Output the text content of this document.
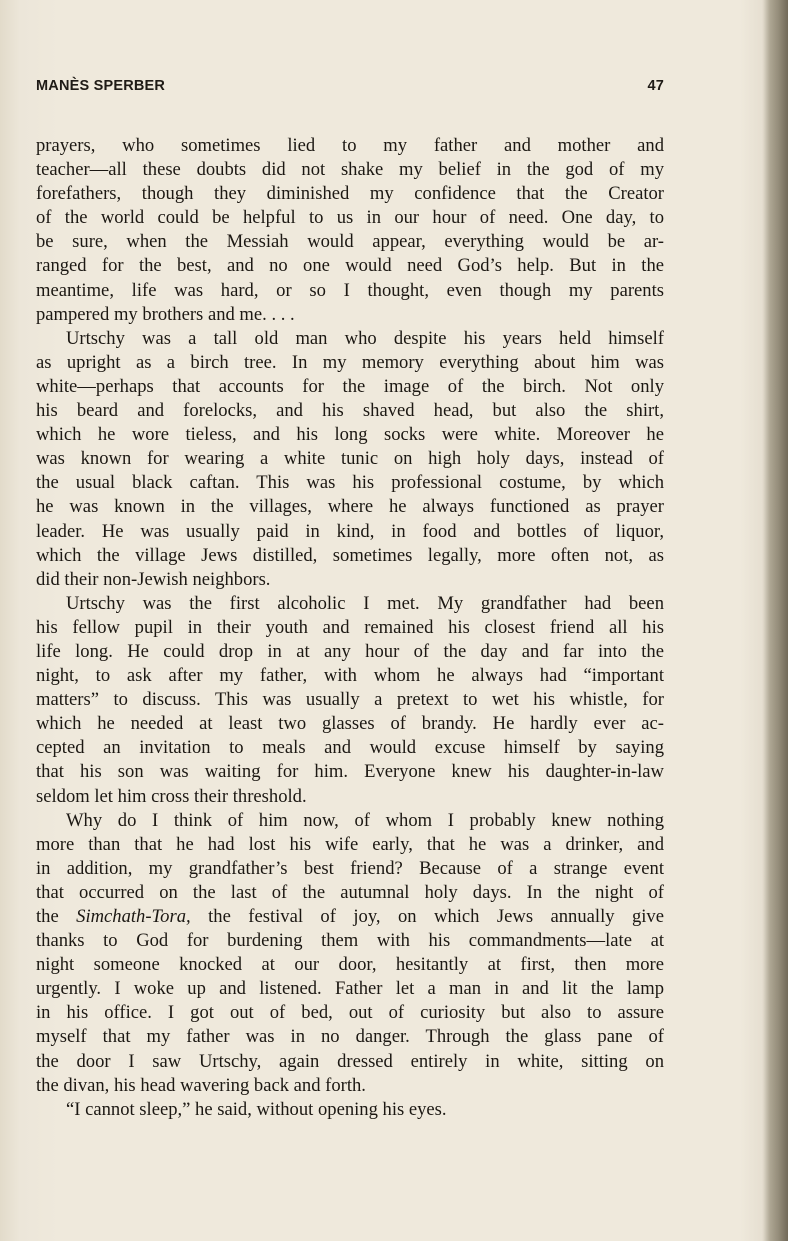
MANÈS SPERBER	47
prayers, who sometimes lied to my father and mother and
teacher—all these doubts did not shake my belief in the god of my
forefathers, though they diminished my confidence that the Creator
of the world could be helpful to us in our hour of need. One day, to
be sure, when the Messiah would appear, everything would be ar-
ranged for the best, and no one would need God’s help. But in the
meantime, life was hard, or so I thought, even though my parents
pampered my brothers and me. . . .
Urtschy was a tall old man who despite his years held himself
as upright as a birch tree. In my memory everything about him was
white—perhaps that accounts for the image of the birch. Not only
his beard and forelocks, and his shaved head, but also the shirt,
which he wore tieless, and his long socks were white. Moreover he
was known for wearing a white tunic on high holy days, instead of
the usual black caftan. This was his professional costume, by which
he was known in the villages, where he always functioned as prayer
leader. He was usually paid in kind, in food and bottles of liquor,
which the village Jews distilled, sometimes legally, more often not, as
did their non-Jewish neighbors.
Urtschy was the first alcoholic I met. My grandfather had been
his fellow pupil in their youth and remained his closest friend all his
life long. He could drop in at any hour of the day and far into the
night, to ask after my father, with whom he always had “important
matters” to discuss. This was usually a pretext to wet his whistle, for
which he needed at least two glasses of brandy. He hardly ever ac-
cepted an invitation to meals and would excuse himself by saying
that his son was waiting for him. Everyone knew his daughter-in-law
seldom let him cross their threshold.
Why do I think of him now, of whom I probably knew nothing
more than that he had lost his wife early, that he was a drinker, and
in addition, my grandfather’s best friend? Because of a strange event
that occurred on the last of the autumnal holy days. In the night of
the Simchath-Tora, the festival of joy, on which Jews annually give
thanks to God for burdening them with his commandments—late at
night someone knocked at our door, hesitantly at first, then more
urgently. I woke up and listened. Father let a man in and lit the lamp
in his office. I got out of bed, out of curiosity but also to assure
myself that my father was in no danger. Through the glass pane of
the door I saw Urtschy, again dressed entirely in white, sitting on
the divan, his head wavering back and forth.
“I cannot sleep,” he said, without opening his eyes.
